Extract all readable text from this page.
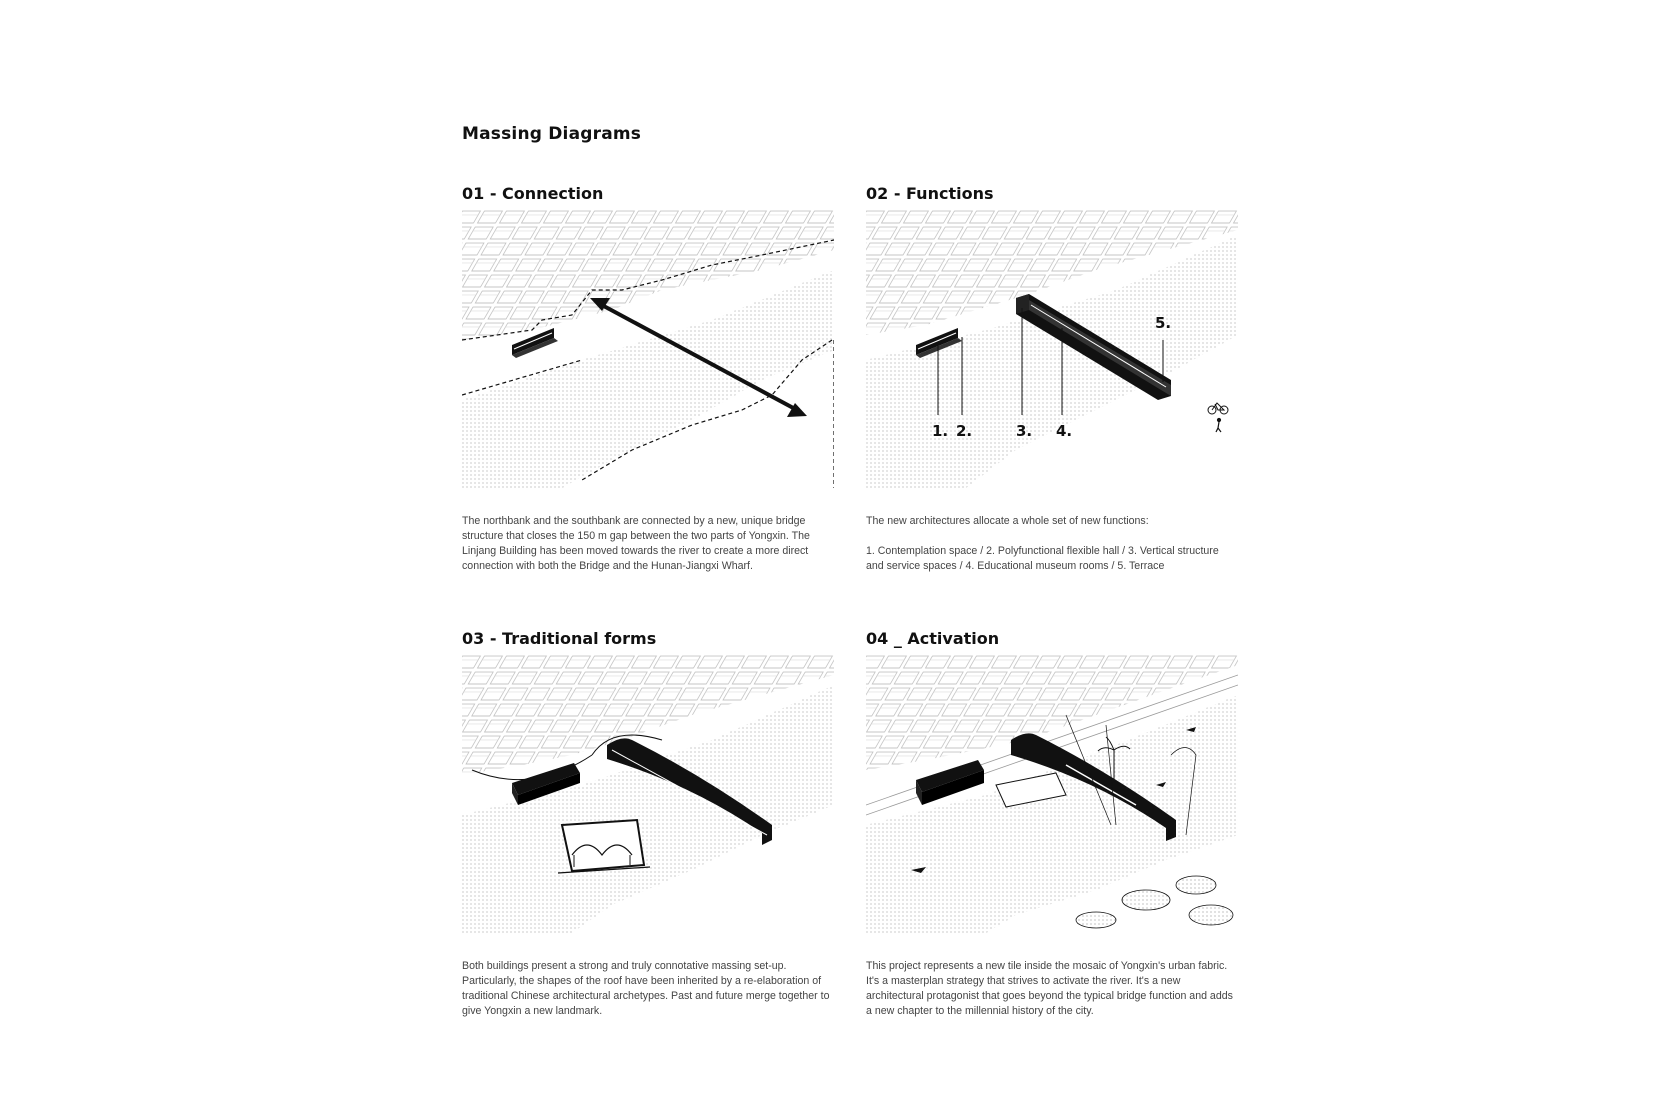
Massing Diagrams
01 - Connection

The northbank and the southbank are connected by a new, unique bridge structure that closes the 150 m gap between the two parts of Yongxin. The Linjang Building has been moved towards the river to create a more direct connection with both the Bridge and the Hunan-Jiangxi Wharf.

02 - Functions
1. 2.	3. 4.
5.

The new architectures allocate a whole set of new functions:

1. Contemplation space / 2. Polyfunctional flexible hall / 3. Vertical structure and service spaces / 4. Educational museum rooms / 5. Terrace

03 - Traditional forms

Both buildings present a strong and truly connotative massing set-up. Particularly, the shapes of the roof have been inherited by a re-elaboration of traditional Chinese architectural archetypes. Past and future merge together to give Yongxin a new landmark.

04 _ Activation

This project represents a new tile inside the mosaic of Yongxin's urban fabric. It's a masterplan strategy that strives to activate the river. It's a new architectural protagonist that goes beyond the typical bridge function and adds a new chapter to the millennial history of the city.
